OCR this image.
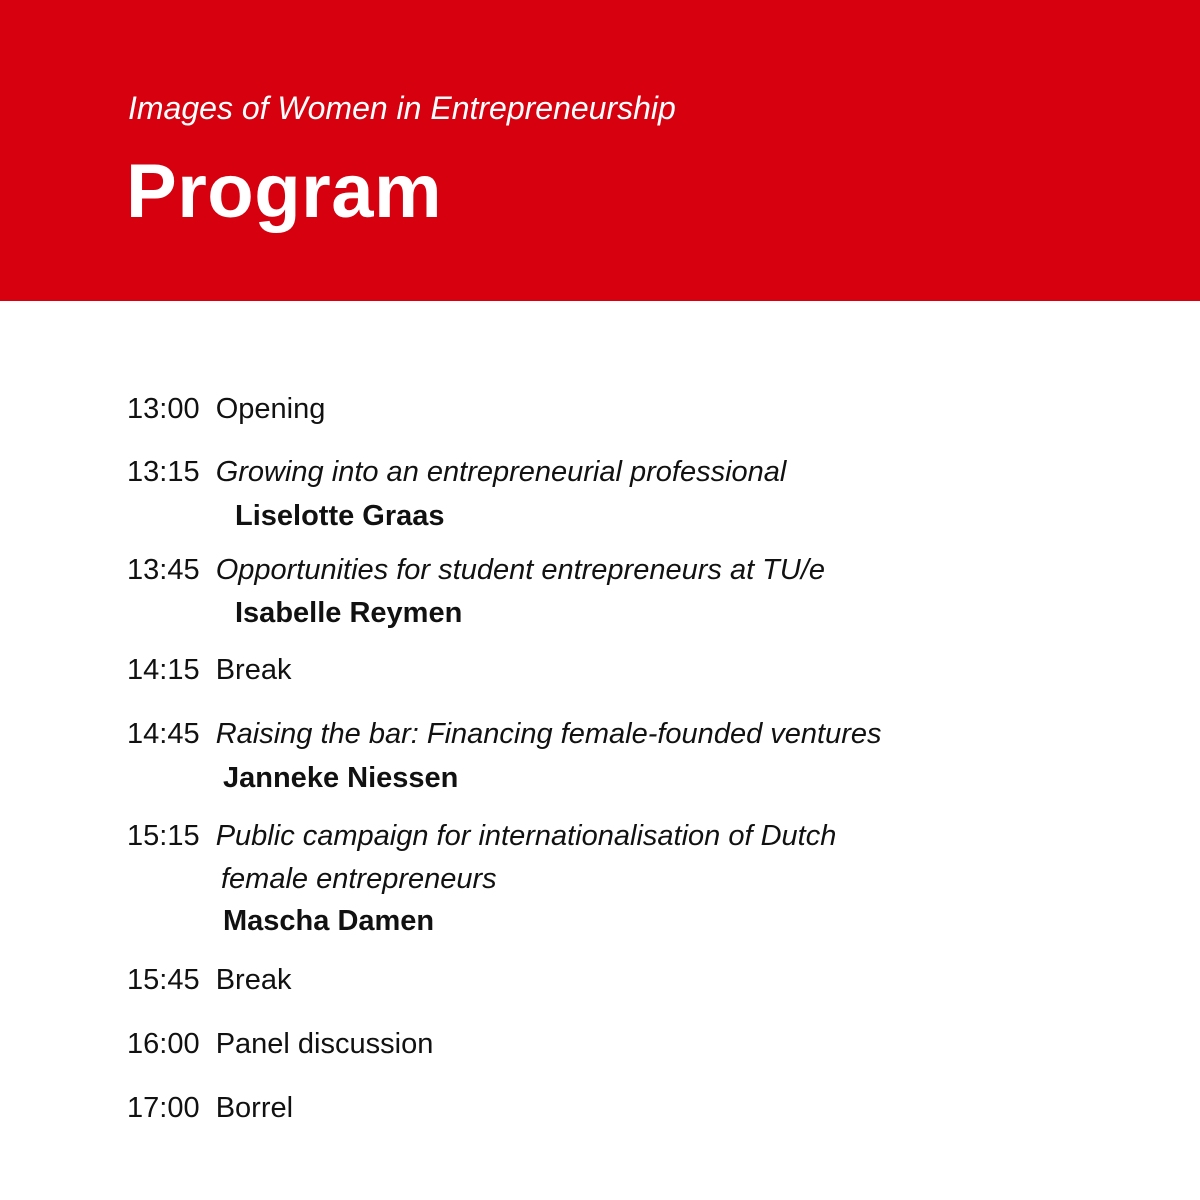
Images of Women in Entrepreneurship
Program
13:00  Opening
13:15  Growing into an entrepreneurial professional
Liselotte Graas
13:45  Opportunities for student entrepreneurs at TU/e
Isabelle Reymen
14:15  Break
14:45  Raising the bar: Financing female-founded ventures
Janneke Niessen
15:15  Public campaign for internationalisation of Dutch
female entrepreneurs
Mascha Damen
15:45  Break
16:00  Panel discussion
17:00  Borrel
